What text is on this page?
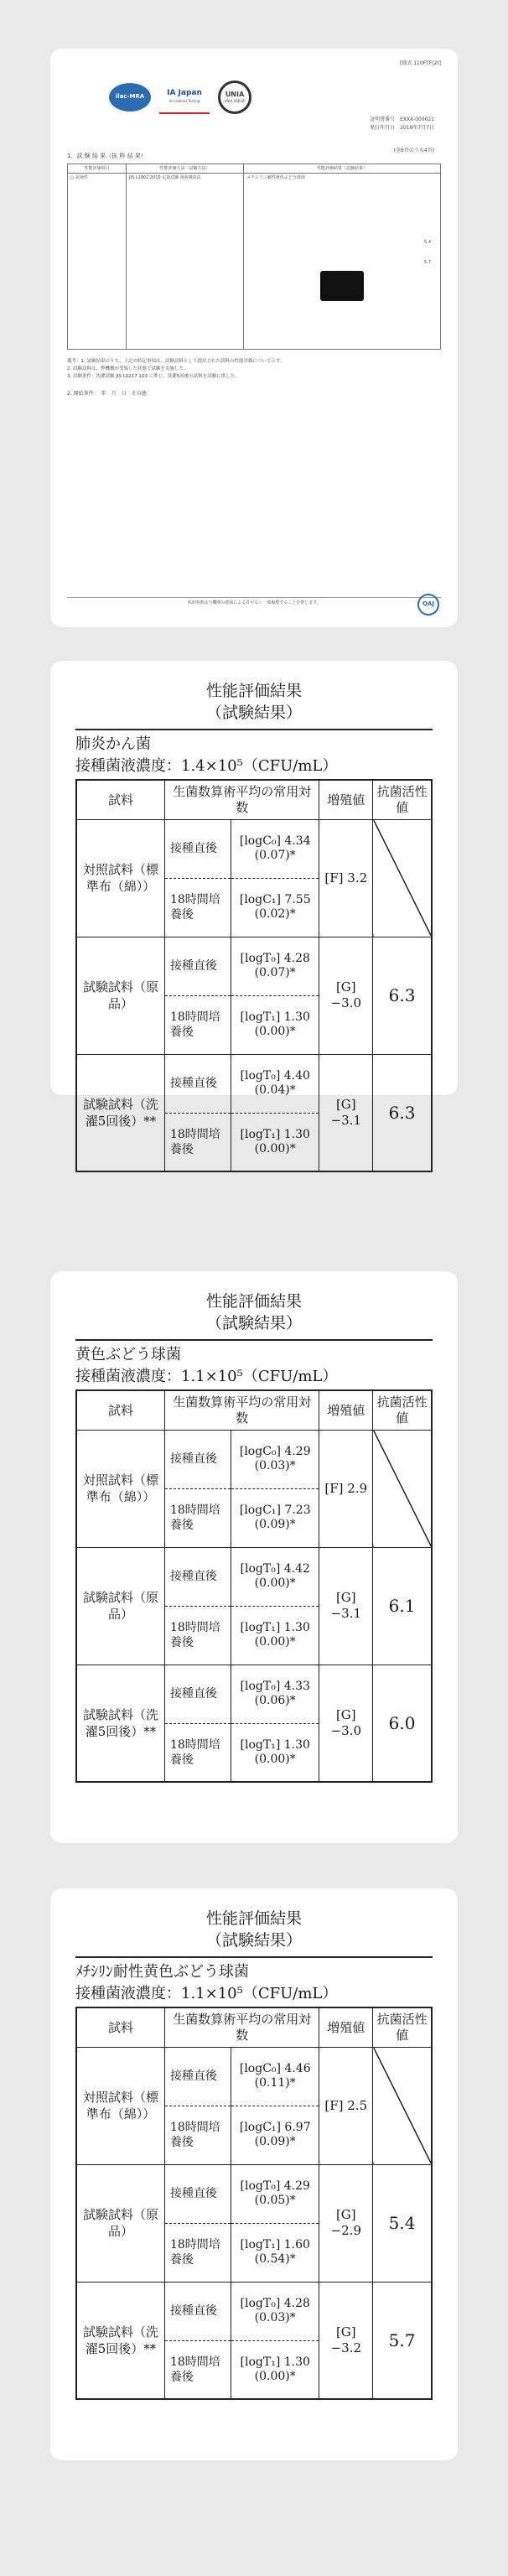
[様式 110FTF(2)]
ilac-MRA	IA Japan
Accredited Testing
UNIA
UNIA 0002JP
証明書番号　 EXXX-000021
発行年月日　 2019年7月7日
(全6頁のうち4頁)
1．試 験 結 果（抜 粋 結 果）
性能評価項目	性能評価方法（試験方法）	性能評価結果（試験結果）
○ 抗菌性	JIS L1902:2015 定量試験 菌液吸収法	メチシリン耐性黄色ぶどう球菌
5.4
5.7
備考：1. 試験結果のうち、上記の特記事項は、試験試料として提出された試料の性能評価について示す。
2. 試験試料は、弊機構が受領した状態で試験を実施した。
3. 試験条件：洗濯試験 JIS L0217 103 に準じ、洗濯5回後の試料を試験に供した。
2. 開始条件：　年　月　日　その他：
本証明書は当機関の書面による許可なく一部複製することを禁じます。	QAJ
性能評価結果
（試験結果）
肺炎かん菌
接種菌液濃度：1.4×10⁵（CFU/mL）
試料	生菌数算術平均の常用対数		増殖値	抗菌活性値
対照試料（標準布（綿））	接種直後	[logC₀] 4.34 (0.07)*	[F] 3.2	
	18時間培養後	[logC₁] 7.55 (0.02)*		
試験試料（原品）	接種直後	[logT₀] 4.28 (0.07)*	[G] −3.0	6.3
	18時間培養後	[logT₁] 1.30 (0.00)*		
試験試料（洗濯5回後）**	接種直後	[logT₀] 4.40 (0.04)*	[G] −3.1	6.3
	18時間培養後	[logT₁] 1.30 (0.00)*		
性能評価結果
（試験結果）
黄色ぶどう球菌
接種菌液濃度：1.1×10⁵（CFU/mL）
試料	生菌数算術平均の常用対数		増殖値	抗菌活性値
対照試料（標準布（綿））	接種直後	[logC₀] 4.29 (0.03)*	[F] 2.9	
	18時間培養後	[logC₁] 7.23 (0.09)*		
試験試料（原品）	接種直後	[logT₀] 4.42 (0.00)*	[G] −3.1	6.1
	18時間培養後	[logT₁] 1.30 (0.00)*		
試験試料（洗濯5回後）**	接種直後	[logT₀] 4.33 (0.06)*	[G] −3.0	6.0
	18時間培養後	[logT₁] 1.30 (0.00)*		
性能評価結果
（試験結果）
ﾒﾁｼﾘﾝ耐性黄色ぶどう球菌
接種菌液濃度：1.1×10⁵（CFU/mL）
試料	生菌数算術平均の常用対数		増殖値	抗菌活性値
対照試料（標準布（綿））	接種直後	[logC₀] 4.46 (0.11)*	[F] 2.5	
	18時間培養後	[logC₁] 6.97 (0.09)*		
試験試料（原品）	接種直後	[logT₀] 4.29 (0.05)*	[G] −2.9	5.4
	18時間培養後	[logT₁] 1.60 (0.54)*		
試験試料（洗濯5回後）**	接種直後	[logT₀] 4.28 (0.03)*	[G] −3.2	5.7
	18時間培養後	[logT₁] 1.30 (0.00)*		
